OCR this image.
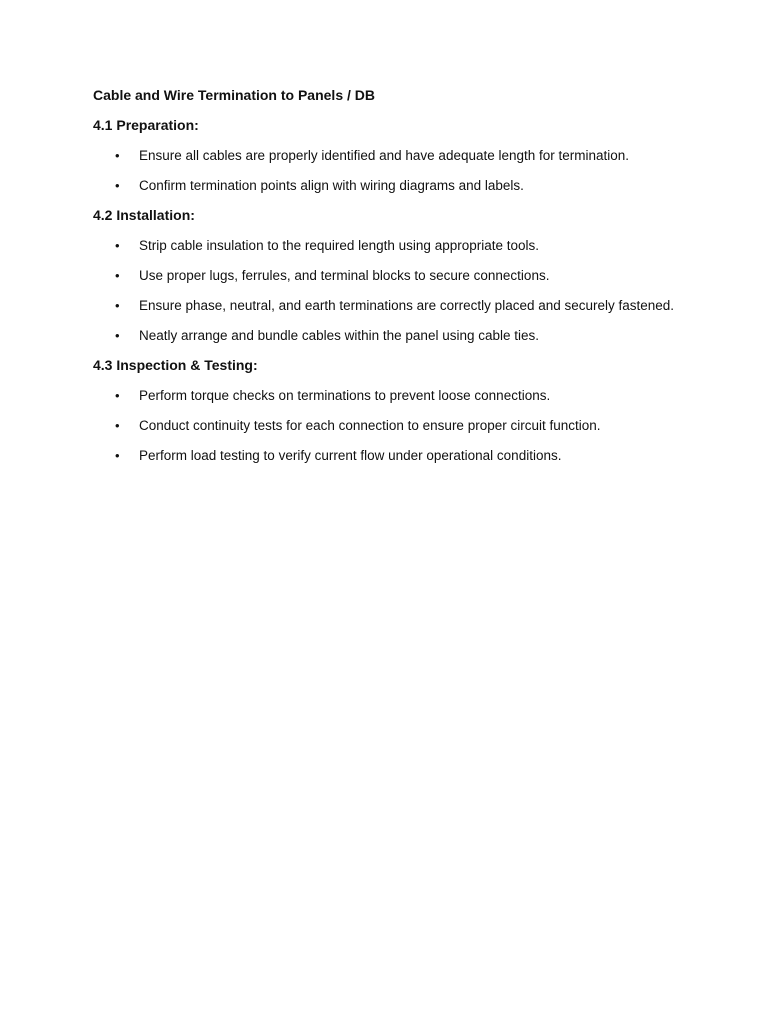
Cable and Wire Termination to Panels / DB

4.1 Preparation:

• Ensure all cables are properly identified and have adequate length for termination.
• Confirm termination points align with wiring diagrams and labels.

4.2 Installation:

• Strip cable insulation to the required length using appropriate tools.
• Use proper lugs, ferrules, and terminal blocks to secure connections.
• Ensure phase, neutral, and earth terminations are correctly placed and securely fastened.
• Neatly arrange and bundle cables within the panel using cable ties.

4.3 Inspection & Testing:

• Perform torque checks on terminations to prevent loose connections.
• Conduct continuity tests for each connection to ensure proper circuit function.
• Perform load testing to verify current flow under operational conditions.
